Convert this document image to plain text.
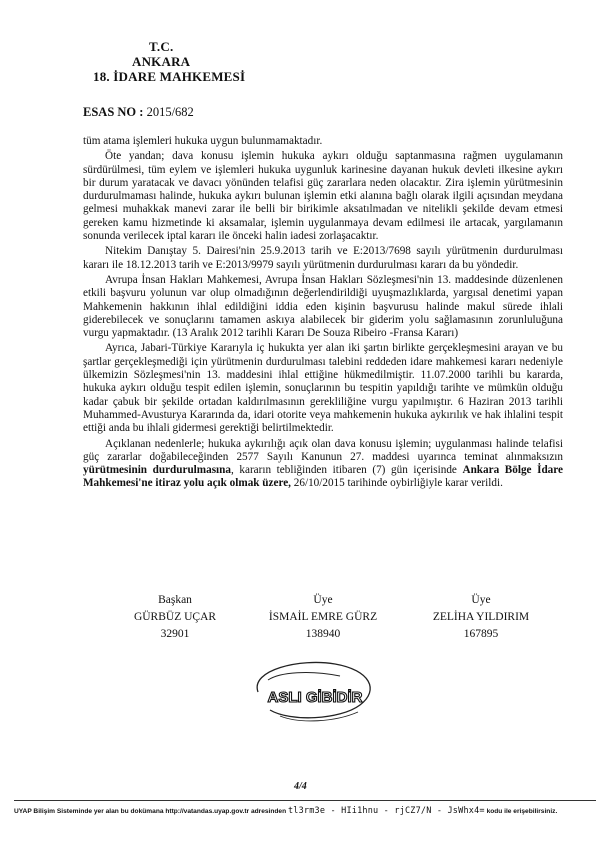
T.C.
ANKARA
18. İDARE MAHKEMESİ
ESAS NO : 2015/682

tüm atama işlemleri hukuka uygun bulunmamaktadır.

Öte yandan; dava konusu işlemin hukuka aykırı olduğu saptanmasına rağmen uygulamanın sürdürülmesi, tüm eylem ve işlemleri hukuka uygunluk karinesine dayanan hukuk devleti ilkesine aykırı bir durum yaratacak ve davacı yönünden telafisi güç zararlara neden olacaktır. Zira işlemin yürütmesinin durdurulmaması halinde, hukuka aykırı bulunan işlemin etki alanına bağlı olarak ilgili açısından meydana gelmesi muhakkak manevi zarar ile belli bir birikimle aksatılmadan ve nitelikli şekilde devam etmesi gereken kamu hizmetinde ki aksamalar, işlemin uygulanmaya devam edilmesi ile artacak, yargılamanın sonunda verilecek iptal kararı ile önceki halin iadesi zorlaşacaktır.

Nitekim Danıştay 5. Dairesi'nin 25.9.2013 tarih ve E:2013/7698 sayılı yürütmenin durdurulması kararı ile 18.12.2013 tarih ve E:2013/9979 sayılı yürütmenin durdurulması kararı da bu yöndedir.

Avrupa İnsan Hakları Mahkemesi, Avrupa İnsan Hakları Sözleşmesi'nin 13. maddesinde düzenlenen etkili başvuru yolunun var olup olmadığının değerlendirildiği uyuşmazlıklarda, yargısal denetimi yapan Mahkemenin hakkının ihlal edildiğini iddia eden kişinin başvurusu halinde makul sürede ihlali giderebilecek ve sonuçlarını tamamen askıya alabilecek bir giderim yolu sağlamasının zorunluluğuna vurgu yapmaktadır. (13 Aralık 2012 tarihli Kararı De Souza Ribeiro -Fransa Kararı)

Ayrıca, Jabari-Türkiye Kararıyla iç hukukta yer alan iki şartın birlikte gerçekleşmesini arayan ve bu şartlar gerçekleşmediği için yürütmenin durdurulması talebini reddeden idare mahkemesi kararı nedeniyle ülkemizin Sözleşmesi'nin 13. maddesini ihlal ettiğine hükmedilmiştir. 11.07.2000 tarihli bu kararda, hukuka aykırı olduğu tespit edilen işlemin, sonuçlarının bu tespitin yapıldığı tarihte ve mümkün olduğu kadar çabuk bir şekilde ortadan kaldırılmasının gerekliliğine vurgu yapılmıştır. 6 Haziran 2013 tarihli Muhammed-Avusturya Kararında da, idari otorite veya mahkemenin hukuka aykırılık ve hak ihlalini tespit ettiği anda bu ihlali gidermesi gerektiği belirtilmektedir.

Açıklanan nedenlerle; hukuka aykırılığı açık olan dava konusu işlemin; uygulanması halinde telafisi güç zararlar doğabileceğinden 2577 Sayılı Kanunun 27. maddesi uyarınca teminat alınmaksızın yürütmesinin durdurulmasına, kararın tebliğinden itibaren (7) gün içerisinde Ankara Bölge İdare Mahkemesi'ne itiraz yolu açık olmak üzere, 26/10/2015 tarihinde oybirliğiyle karar verildi.

Başkan
GÜRBÜZ UÇAR
32901
Üye
İSMAİL EMRE GÜRZ
138940
Üye
ZELİHA YILDIRIM
167895
ASLI GİBİDİR
4/4
UYAP Bilişim Sisteminde yer alan bu dokümana http://vatandas.uyap.gov.tr adresinden tl3rm3e - HIi1hnu - rjCZ7/N - JsWhx4= kodu ile erişebilirsiniz.
